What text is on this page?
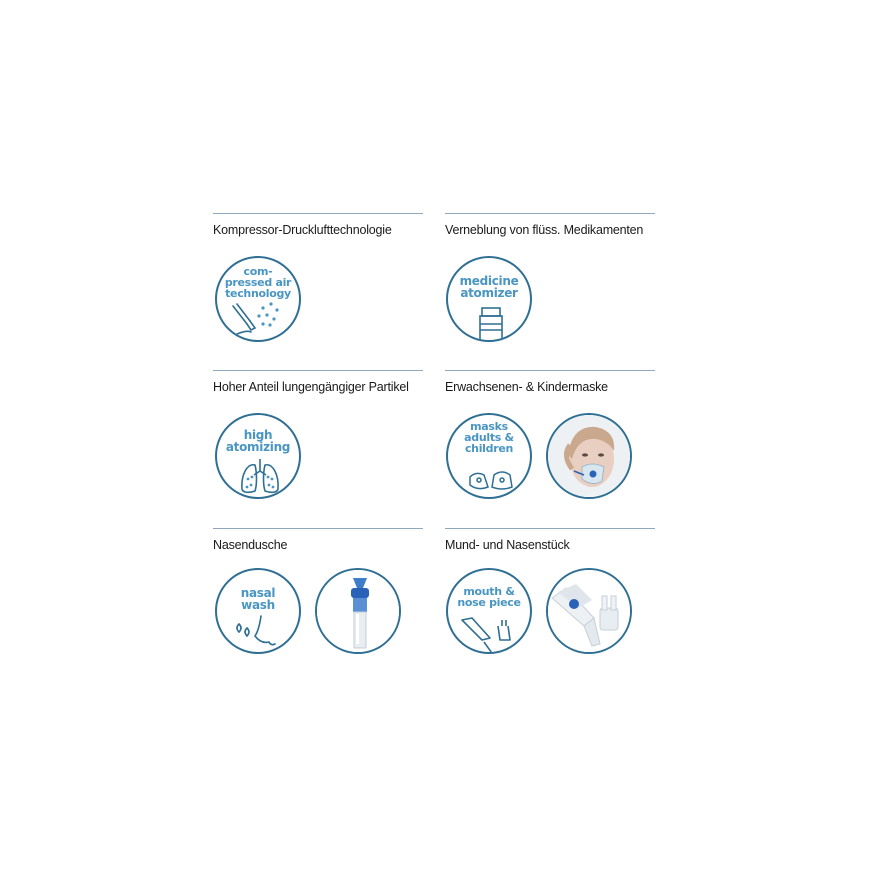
Kompressor-Drucklufttechnologie
com-
pressed air
technology
Verneblung von flüss. Medikamenten
medicine
atomizer
Hoher Anteil lungengängiger Partikel
high
atomizing
Erwachsenen- & Kindermaske
masks
adults &
children
Nasendusche
nasal
wash
Mund- und Nasenstück
mouth &
nose piece
